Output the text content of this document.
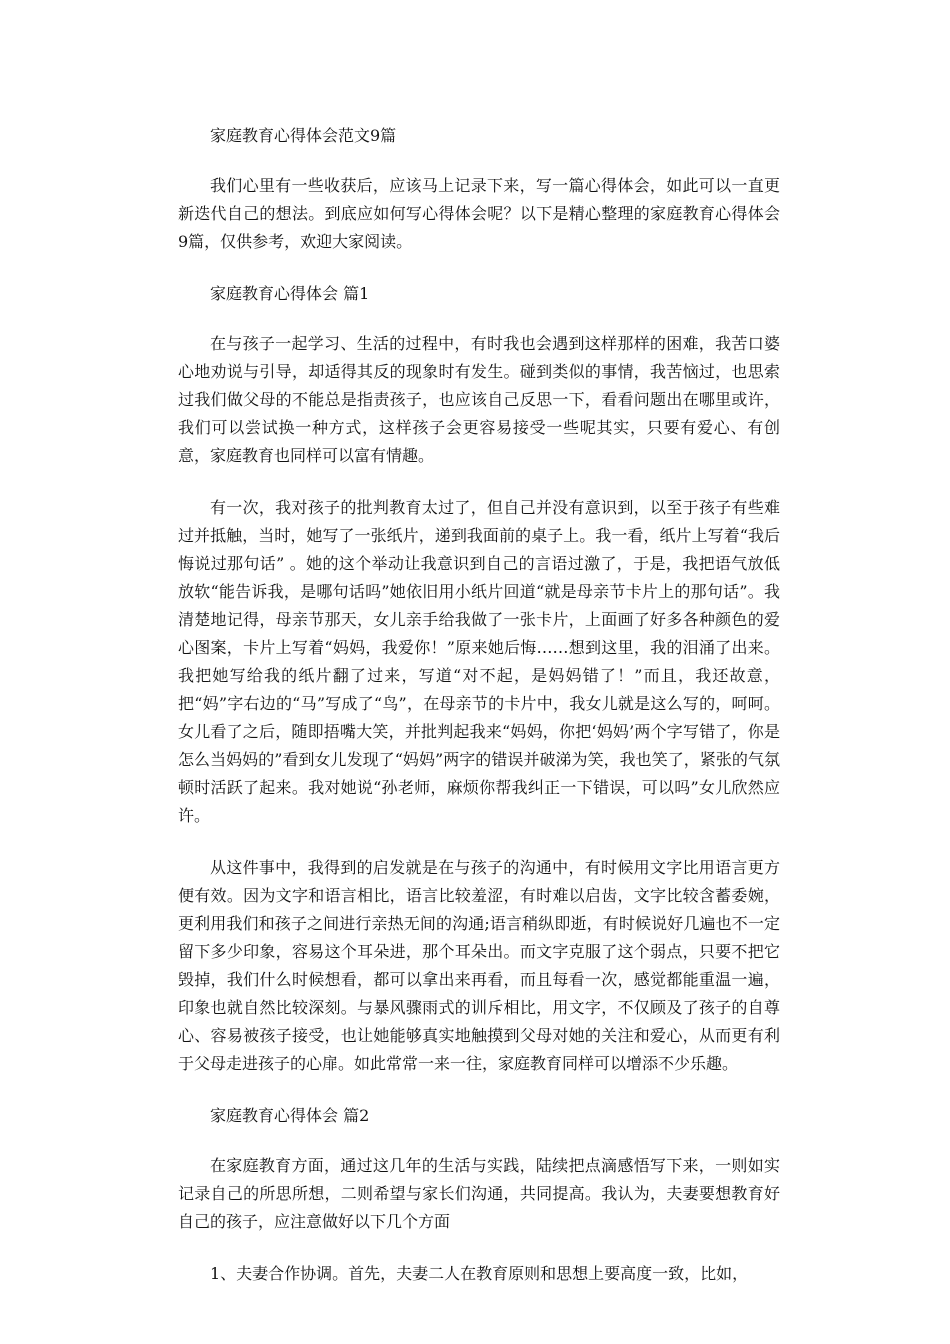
家庭教育心得体会范文9篇

我们心里有一些收获后，应该马上记录下来，写一篇心得体会，如此可以一直更新迭代自己的想法。到底应如何写心得体会呢？以下是精心整理的家庭教育心得体会9篇，仅供参考，欢迎大家阅读。

家庭教育心得体会 篇1

在与孩子一起学习、生活的过程中，有时我也会遇到这样那样的困难，我苦口婆心地劝说与引导，却适得其反的现象时有发生。碰到类似的事情，我苦恼过，也思索过我们做父母的不能总是指责孩子，也应该自己反思一下，看看问题出在哪里或许，我们可以尝试换一种方式，这样孩子会更容易接受一些呢其实，只要有爱心、有创意，家庭教育也同样可以富有情趣。

有一次，我对孩子的批判教育太过了，但自己并没有意识到，以至于孩子有些难过并抵触，当时，她写了一张纸片，递到我面前的桌子上。我一看，纸片上写着“我后悔说过那句话” 。她的这个举动让我意识到自己的言语过激了，于是，我把语气放低放软“能告诉我，是哪句话吗”她依旧用小纸片回道“就是母亲节卡片上的那句话”。我清楚地记得，母亲节那天，女儿亲手给我做了一张卡片，上面画了好多各种颜色的爱心图案，卡片上写着“妈妈，我爱你！”原来她后悔……想到这里，我的泪涌了出来。我把她写给我的纸片翻了过来，写道“对不起，是妈妈错了！”而且，我还故意，把“妈”字右边的“马”写成了“鸟”，在母亲节的卡片中，我女儿就是这么写的，呵呵。女儿看了之后，随即捂嘴大笑，并批判起我来“妈妈，你把‘妈妈’两个字写错了，你是怎么当妈妈的”看到女儿发现了“妈妈”两字的错误并破涕为笑，我也笑了，紧张的气氛顿时活跃了起来。我对她说“孙老师，麻烦你帮我纠正一下错误，可以吗”女儿欣然应许。

从这件事中，我得到的启发就是在与孩子的沟通中，有时候用文字比用语言更方便有效。因为文字和语言相比，语言比较羞涩，有时难以启齿，文字比较含蓄委婉，更利用我们和孩子之间进行亲热无间的沟通;语言稍纵即逝，有时候说好几遍也不一定留下多少印象，容易这个耳朵进，那个耳朵出。而文字克服了这个弱点，只要不把它毁掉，我们什么时候想看，都可以拿出来再看，而且每看一次，感觉都能重温一遍，印象也就自然比较深刻。与暴风骤雨式的训斥相比，用文字，不仅顾及了孩子的自尊心、容易被孩子接受，也让她能够真实地触摸到父母对她的关注和爱心，从而更有利于父母走进孩子的心扉。如此常常一来一往，家庭教育同样可以增添不少乐趣。

家庭教育心得体会 篇2

在家庭教育方面，通过这几年的生活与实践，陆续把点滴感悟写下来，一则如实记录自己的所思所想，二则希望与家长们沟通，共同提高。我认为，夫妻要想教育好自己的孩子，应注意做好以下几个方面

1、夫妻合作协调。首先，夫妻二人在教育原则和思想上要高度一致，比如，
